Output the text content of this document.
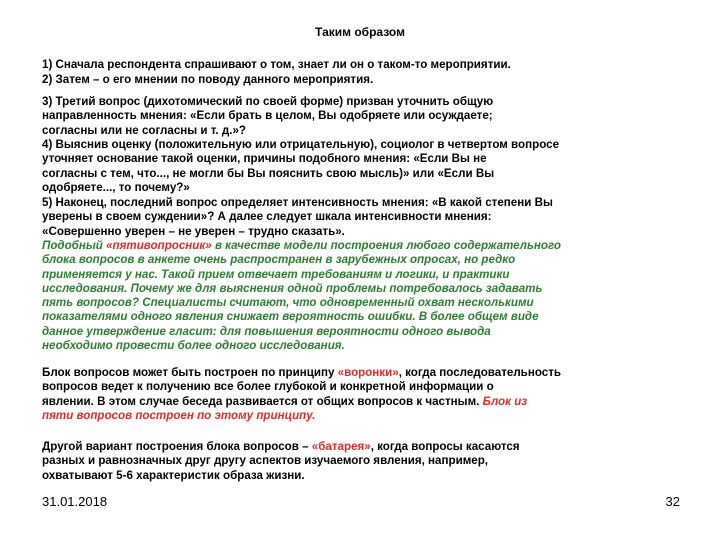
Таким образом
1) Сначала респондента спрашивают о том, знает ли он о таком-то мероприятии.
2) Затем – о его мнении по поводу данного мероприятия.
3) Третий вопрос (дихотомический по своей форме) призван уточнить общую
направленность мнения: «Если брать в целом, Вы одобряете или осуждаете;
согласны или не согласны и т. д.»?
4) Выяснив оценку (положительную или отрицательную), социолог в четвертом вопросе
уточняет основание такой оценки, причины подобного мнения: «Если Вы не
согласны с тем, что..., не могли бы Вы пояснить свою мысль)» или «Если Вы
одобряете..., то почему?»
5) Наконец, последний вопрос определяет интенсивность мнения: «В какой степени Вы
уверены в своем суждении»? А далее следует шкала интенсивности мнения:
«Совершенно уверен – не уверен – трудно сказать».
Подобный «пятивопросник» в качестве модели построения любого содержательного
блока вопросов в анкете очень распространен в зарубежных опросах, но редко
применяется у нас. Такой прием отвечает требованиям и логики, и практики
исследования. Почему же для выяснения одной проблемы потребовалось задавать
пять вопросов? Специалисты считают, что одновременный охват несколькими
показателями одного явления снижает вероятность ошибки. В более общем виде
данное утверждение гласит: для повышения вероятности одного вывода
необходимо провести более одного исследования.
Блок вопросов может быть построен по принципу «воронки», когда последовательность
вопросов ведет к получению все более глубокой и конкретной информации о
явлении. В этом случае беседа развивается от общих вопросов к частным. Блок из
пяти вопросов построен по этому принципу.
Другой вариант построения блока вопросов – «батарея», когда вопросы касаются
разных и равнозначных друг другу аспектов изучаемого явления, например,
охватывают 5-6 характеристик образа жизни.
31.01.2018	32
